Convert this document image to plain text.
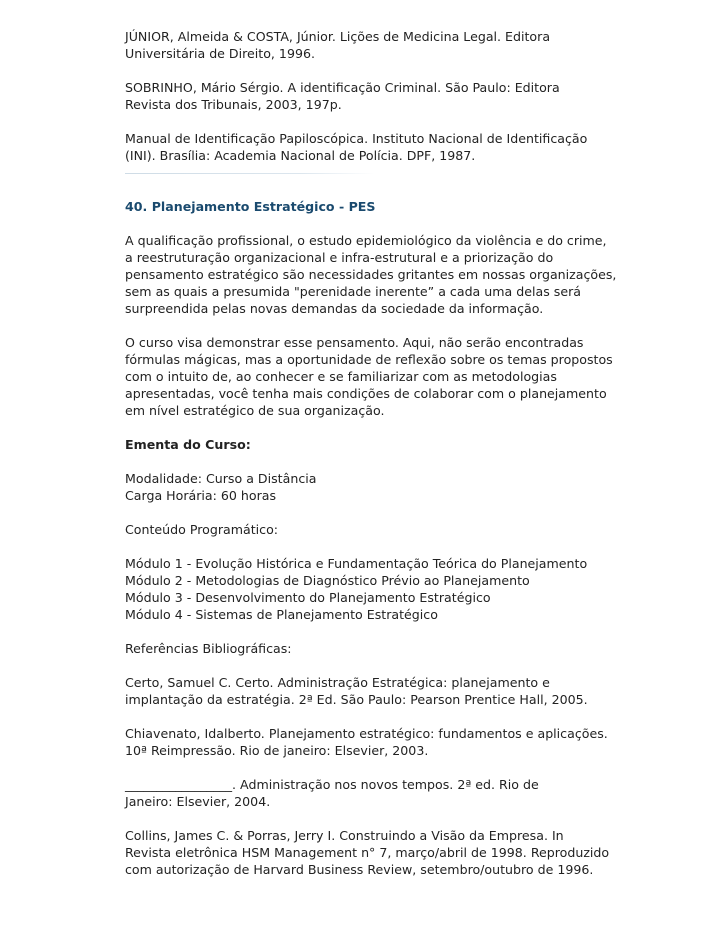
JÚNIOR, Almeida & COSTA, Júnior. Lições de Medicina Legal. Editora
Universitária de Direito, 1996.
SOBRINHO, Mário Sérgio. A identificação Criminal. São Paulo: Editora
Revista dos Tribunais, 2003, 197p.
Manual de Identificação Papiloscópica. Instituto Nacional de Identificação
(INI). Brasília: Academia Nacional de Polícia. DPF, 1987.
40. Planejamento Estratégico - PES
A qualificação profissional, o estudo epidemiológico da violência e do crime,
a reestruturação organizacional e infra-estrutural e a priorização do
pensamento estratégico são necessidades gritantes em nossas organizações,
sem as quais a presumida "perenidade inerente” a cada uma delas será
surpreendida pelas novas demandas da sociedade da informação.
O curso visa demonstrar esse pensamento. Aqui, não serão encontradas
fórmulas mágicas, mas a oportunidade de reflexão sobre os temas propostos
com o intuito de, ao conhecer e se familiarizar com as metodologias
apresentadas, você tenha mais condições de colaborar com o planejamento
em nível estratégico de sua organização.
Ementa do Curso:
Modalidade: Curso a Distância
Carga Horária: 60 horas
Conteúdo Programático:
Módulo 1 - Evolução Histórica e Fundamentação Teórica do Planejamento
Módulo 2 - Metodologias de Diagnóstico Prévio ao Planejamento
Módulo 3 - Desenvolvimento do Planejamento Estratégico
Módulo 4 - Sistemas de Planejamento Estratégico
Referências Bibliográficas:
Certo, Samuel C. Certo. Administração Estratégica: planejamento e
implantação da estratégia. 2ª Ed. São Paulo: Pearson Prentice Hall, 2005.
Chiavenato, Idalberto. Planejamento estratégico: fundamentos e aplicações.
10ª Reimpressão. Rio de janeiro: Elsevier, 2003.
_________________. Administração nos novos tempos. 2ª ed. Rio de
Janeiro: Elsevier, 2004.
Collins, James C. & Porras, Jerry I. Construindo a Visão da Empresa. In
Revista eletrônica HSM Management n° 7, março/abril de 1998. Reproduzido
com autorização de Harvard Business Review, setembro/outubro de 1996.
